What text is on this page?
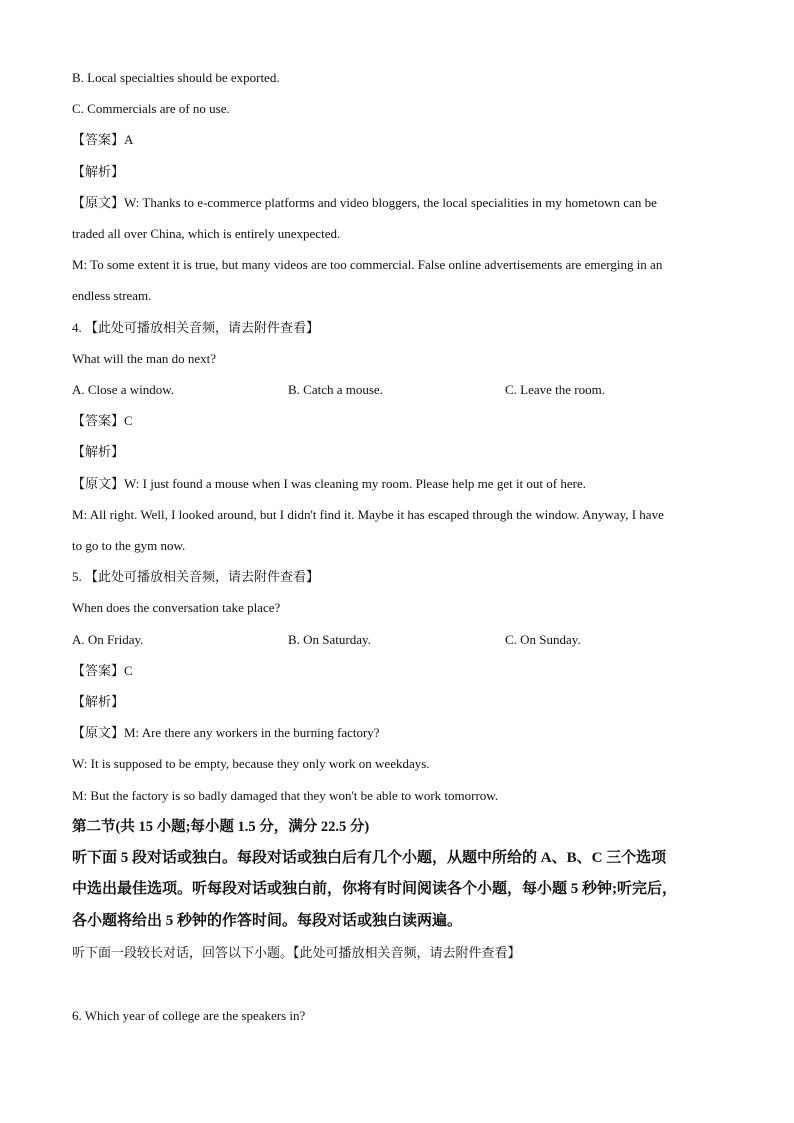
B. Local specialties should be exported.
C. Commercials are of no use.
【答案】A
【解析】
【原文】W: Thanks to e-commerce platforms and video bloggers, the local specialities in my hometown can be
traded all over China, which is entirely unexpected.
M: To some extent it is true, but many videos are too commercial. False online advertisements are emerging in an
endless stream.
4. 【此处可播放相关音频，请去附件查看】
What will the man do next?
A. Close a window.	B. Catch a mouse.	C. Leave the room.
【答案】C
【解析】
【原文】W: I just found a mouse when I was cleaning my room. Please help me get it out of here.
M: All right. Well, I looked around, but I didn't find it. Maybe it has escaped through the window. Anyway, I have
to go to the gym now.
5. 【此处可播放相关音频，请去附件查看】
When does the conversation take place?
A. On Friday.	B. On Saturday.	C. On Sunday.
【答案】C
【解析】
【原文】M: Are there any workers in the burning factory?
W: It is supposed to be empty, because they only work on weekdays.
M: But the factory is so badly damaged that they won't be able to work tomorrow.
第二节(共 15 小题;每小题 1.5 分，满分 22.5 分)
听下面 5 段对话或独白。每段对话或独白后有几个小题，从题中所给的 A、B、C 三个选项
中选出最佳选项。听每段对话或独白前，你将有时间阅读各个小题，每小题 5 秒钟;听完后，
各小题将给出 5 秒钟的作答时间。每段对话或独白读两遍。
听下面一段较长对话，回答以下小题。【此处可播放相关音频，请去附件查看】
6. Which year of college are the speakers in?
